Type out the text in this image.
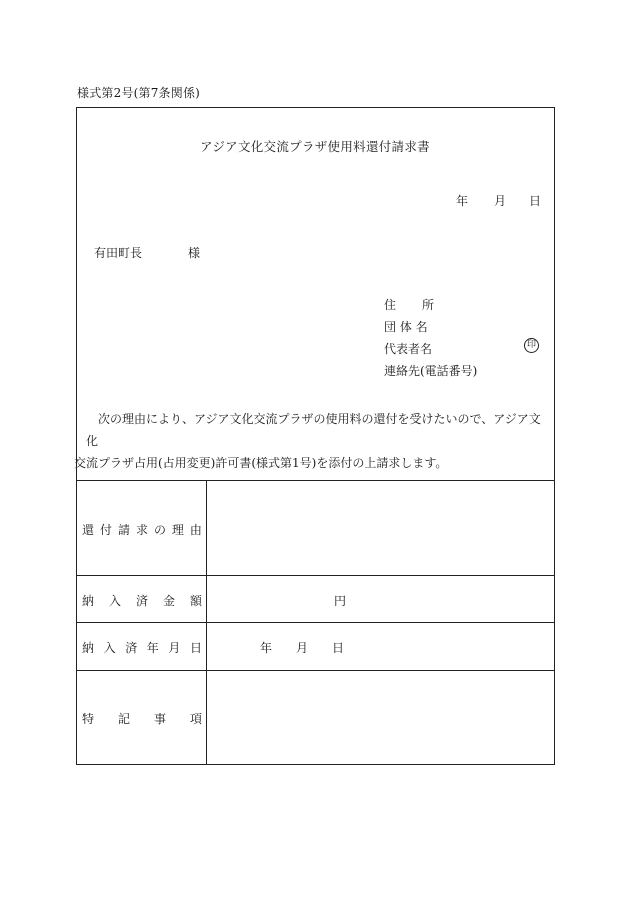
様式第2号(第7条関係)
アジア文化交流プラザ使用料還付請求書
年 月 日
有田町長	様
住 所
団 体 名
代表者名	印
連絡先(電話番号)
次の理由により、アジア文化交流プラザの使用料の還付を受けたいので、アジア文化
交流プラザ占用(占用変更)許可書(様式第1号)を添付の上請求します。
還 付 請 求 の 理 由
納 入 済 金 額	円
納 入 済 年 月 日	年 月 日
特 記 事 項
